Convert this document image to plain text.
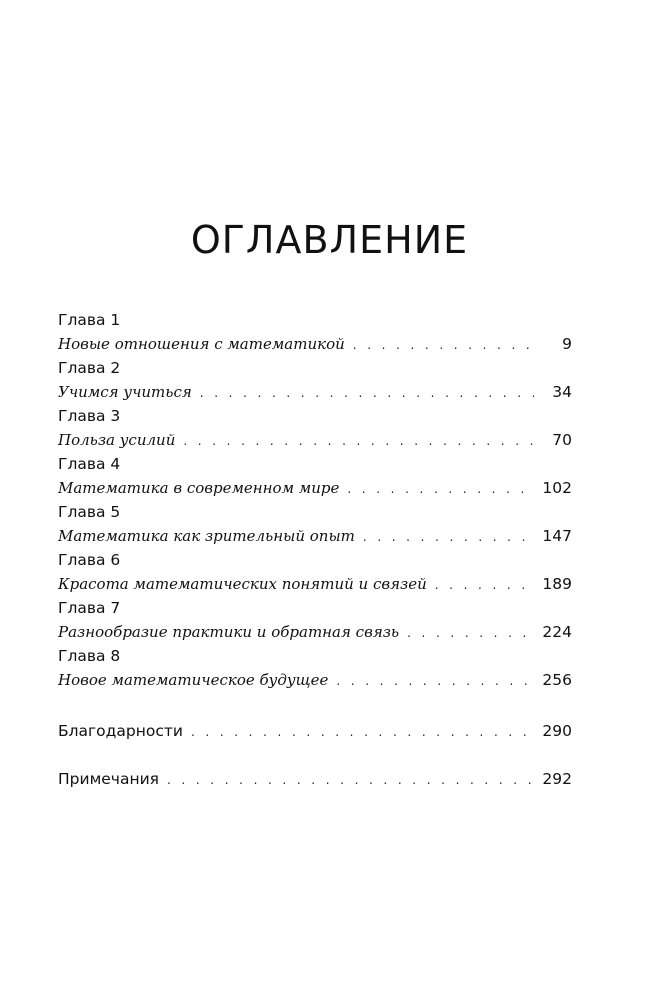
ОГЛАВЛЕНИЕ
Глава 1
Новые отношения с математикой . . .	9
Глава 2
Учимся учиться . . .	34
Глава 3
Польза усилий . . .	70
Глава 4
Математика в современном мире . . .	102
Глава 5
Математика как зрительный опыт . . .	147
Глава 6
Красота математических понятий и связей . . .	189
Глава 7
Разнообразие практики и обратная связь . . .	224
Глава 8
Новое математическое будущее . . .	256
Благодарности . . .	290
Примечания . . .	292
